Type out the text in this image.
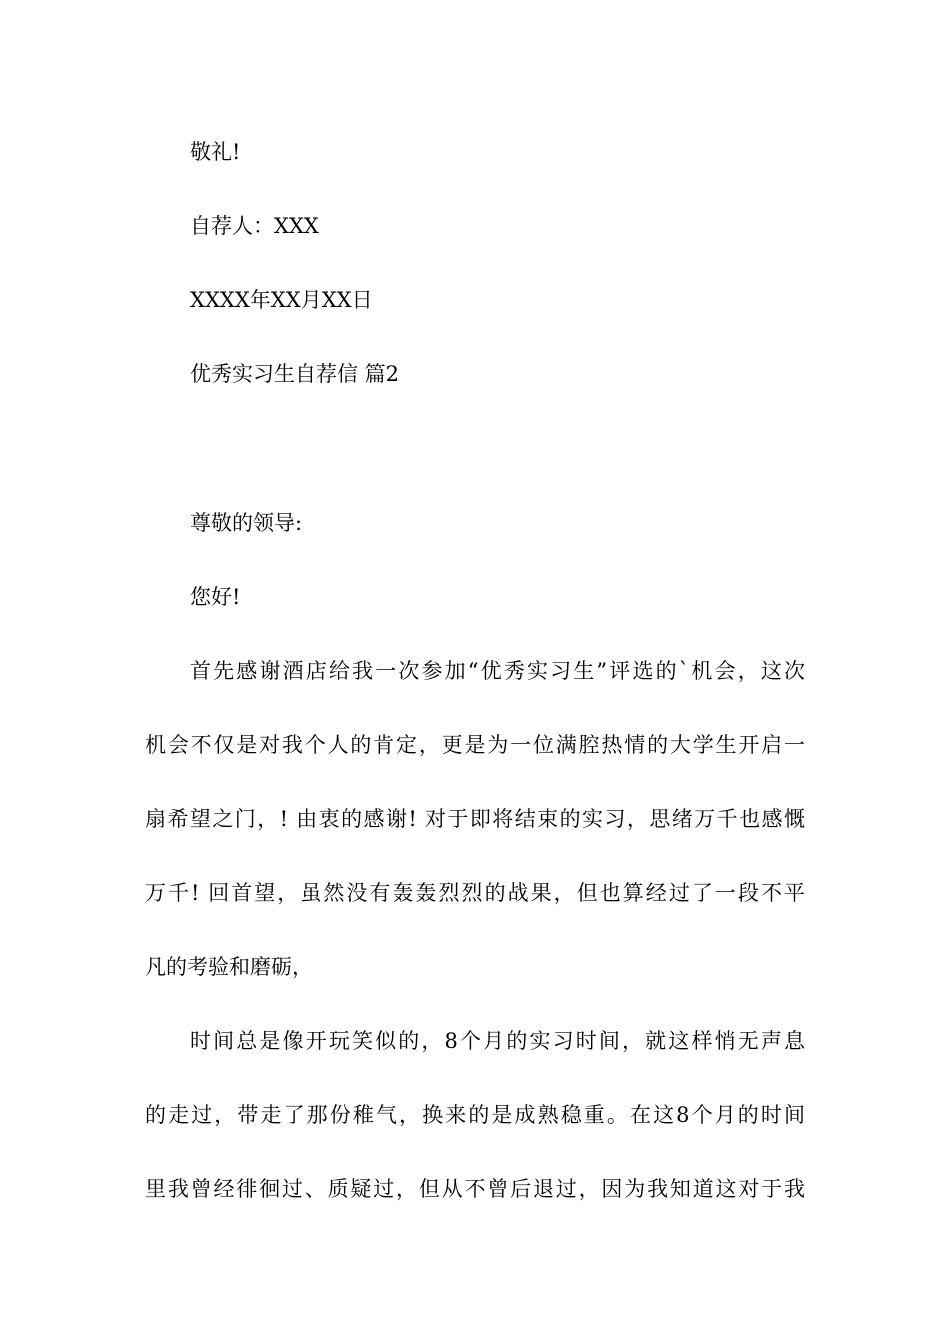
敬礼!

自荐人：XXX

XXXX年XX月XX日

优秀实习生自荐信 篇2

尊敬的领导:

您好!

首先感谢酒店给我一次参加“优秀实习生”评选的`机会，这次

机会不仅是对我个人的肯定，更是为一位满腔热情的大学生开启一

扇希望之门，! 由衷的感谢! 对于即将结束的实习，思绪万千也感慨

万千! 回首望，虽然没有轰轰烈烈的战果，但也算经过了一段不平

凡的考验和磨砺，

时间总是像开玩笑似的，8个月的实习时间，就这样悄无声息

的走过，带走了那份稚气，换来的是成熟稳重。在这8个月的时间

里我曾经徘徊过、质疑过，但从不曾后退过，因为我知道这对于我
